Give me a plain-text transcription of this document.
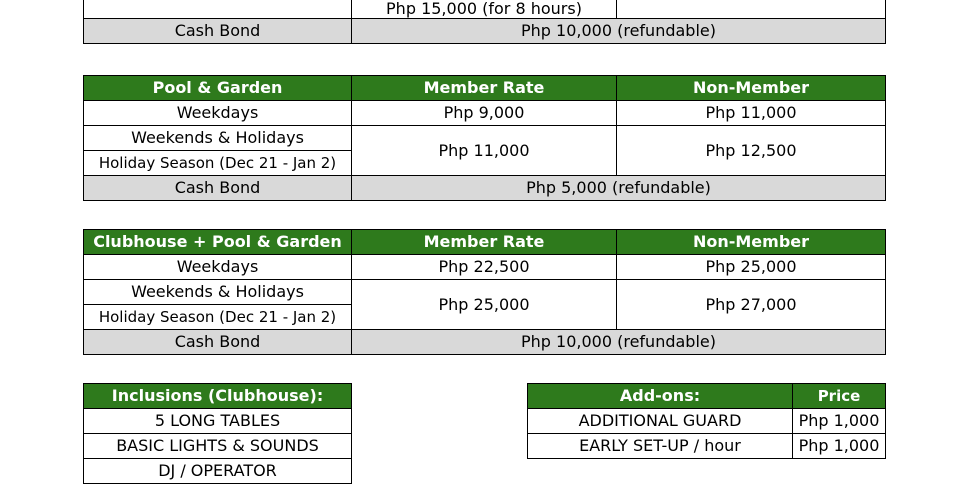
	Php 15,000 (for 8 hours)	
Cash Bond	Php 10,000 (refundable)	
Pool & Garden	Member Rate	Non-Member
Weekdays	Php 9,000	Php 11,000
Weekends & Holidays	Php 11,000	Php 12,500
Holiday Season (Dec 21 - Jan 2)		
Cash Bond	Php 5,000 (refundable)	
Clubhouse + Pool & Garden	Member Rate	Non-Member
Weekdays	Php 22,500	Php 25,000
Weekends & Holidays	Php 25,000	Php 27,000
Holiday Season (Dec 21 - Jan 2)		
Cash Bond	Php 10,000 (refundable)	
Inclusions (Clubhouse):
5 LONG TABLES
BASIC LIGHTS & SOUNDS
DJ / OPERATOR
Add-ons:	Price
ADDITIONAL GUARD	Php 1,000
EARLY SET-UP / hour	Php 1,000
